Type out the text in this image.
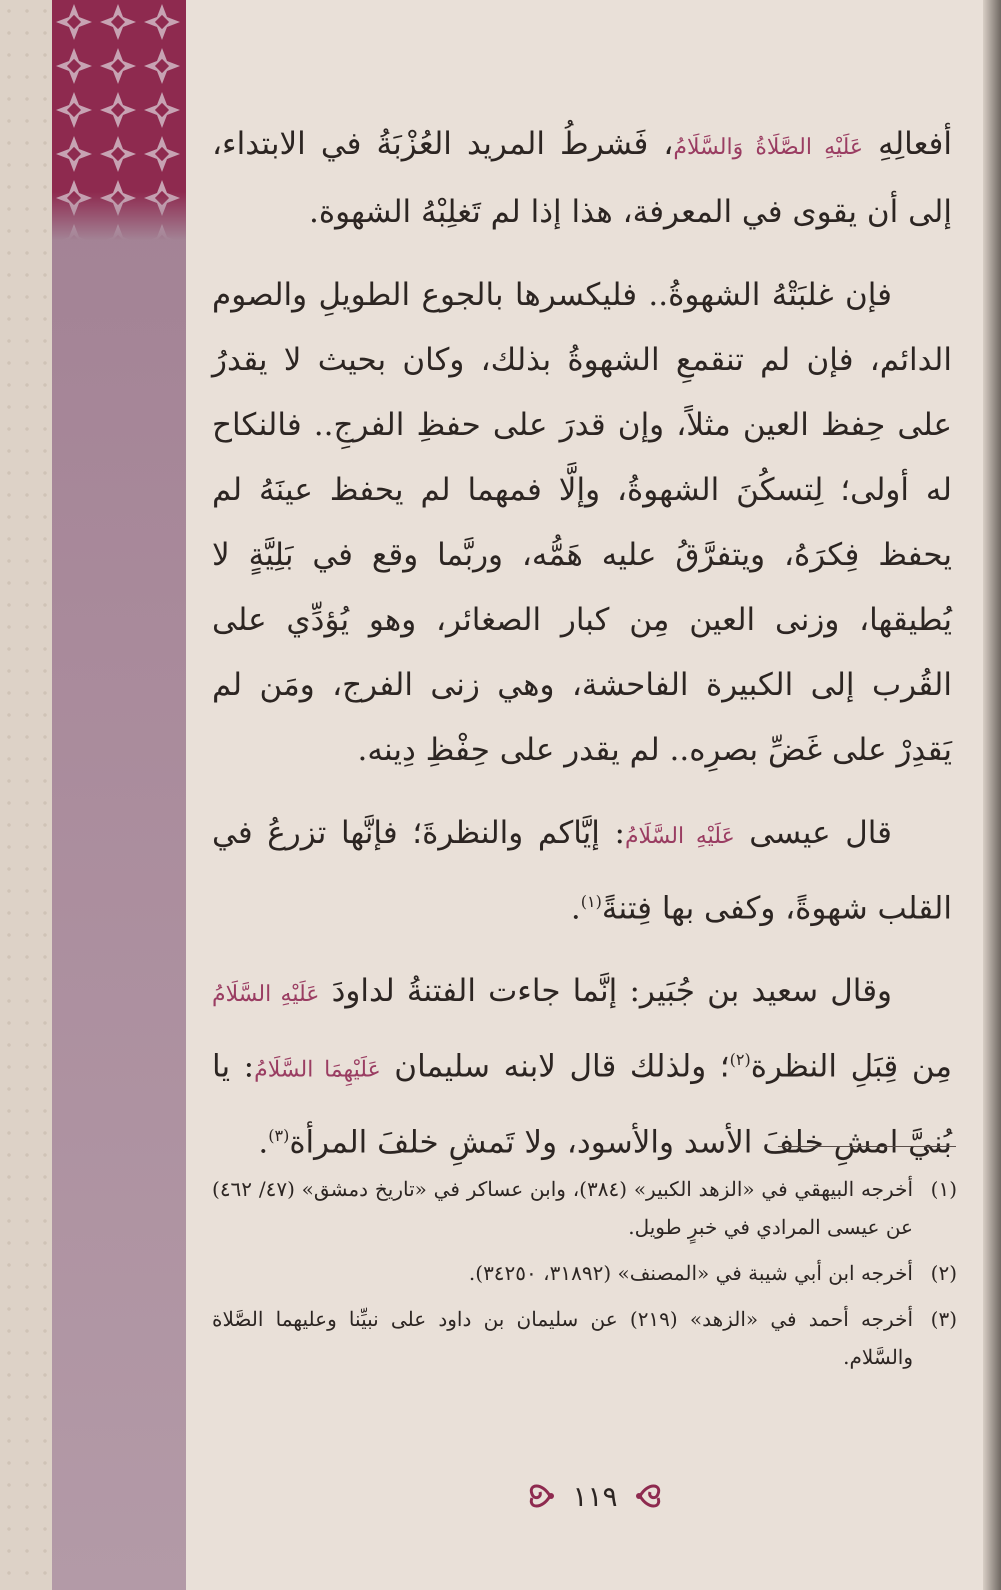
أفعالِهِ عَلَيْهِ الصَّلَاةُ وَالسَّلَامُ، فَشرطُ المريد العُزْبَةُ في الابتداء، إلى أن يقوى في المعرفة، هذا إذا لم تَغلِبْهُ الشهوة.

فإن غلبَتْهُ الشهوةُ.. فليكسرها بالجوع الطويلِ والصوم الدائم، فإن لم تنقمعِ الشهوةُ بذلك، وكان بحيث لا يقدرُ على حِفظ العين مثلاً، وإن قدرَ على حفظِ الفرجِ.. فالنكاح له أولى؛ لِتسكُنَ الشهوةُ، وإلَّا فمهما لم يحفظ عينَهُ لم يحفظ فِكرَهُ، ويتفرَّقُ عليه هَمُّه، وربَّما وقع في بَلِيَّةٍ لا يُطيقها، وزنى العين مِن كبار الصغائر، وهو يُؤدِّي على القُرب إلى الكبيرة الفاحشة، وهي زنى الفرج، ومَن لم يَقدِرْ على غَضِّ بصرِه.. لم يقدر على حِفْظِ دِينه.

قال عيسى عَلَيْهِ السَّلَامُ: إيَّاكم والنظرةَ؛ فإنَّها تزرعُ في القلب شهوةً، وكفى بها فِتنةً$^{(١)}$.

وقال سعيد بن جُبَير: إنَّما جاءت الفتنةُ لداودَ عَلَيْهِ السَّلَامُ مِن قِبَلِ النظرة$^{(٢)}$؛ ولذلك قال لابنه سليمان عَلَيْهِمَا السَّلَامُ: يا بُنيَّ امشِ خلفَ الأسد والأسود، ولا تَمشِ خلفَ المرأة$^{(٣)}$.

(١)
أخرجه البيهقي في «الزهد الكبير» (٣٨٤)، وابن عساكر في «تاريخ دمشق» (٤٧/ ٤٦٢) عن عيسى المرادي في خبرٍ طويل.
(٢)
أخرجه ابن أبي شيبة في «المصنف» (٣١٨٩٢، ٣٤٢٥٠).
(٣)
أخرجه أحمد في «الزهد» (٢١٩) عن سليمان بن داود على نبيِّنا وعليهما الصَّلاة والسَّلام.
١١٩
